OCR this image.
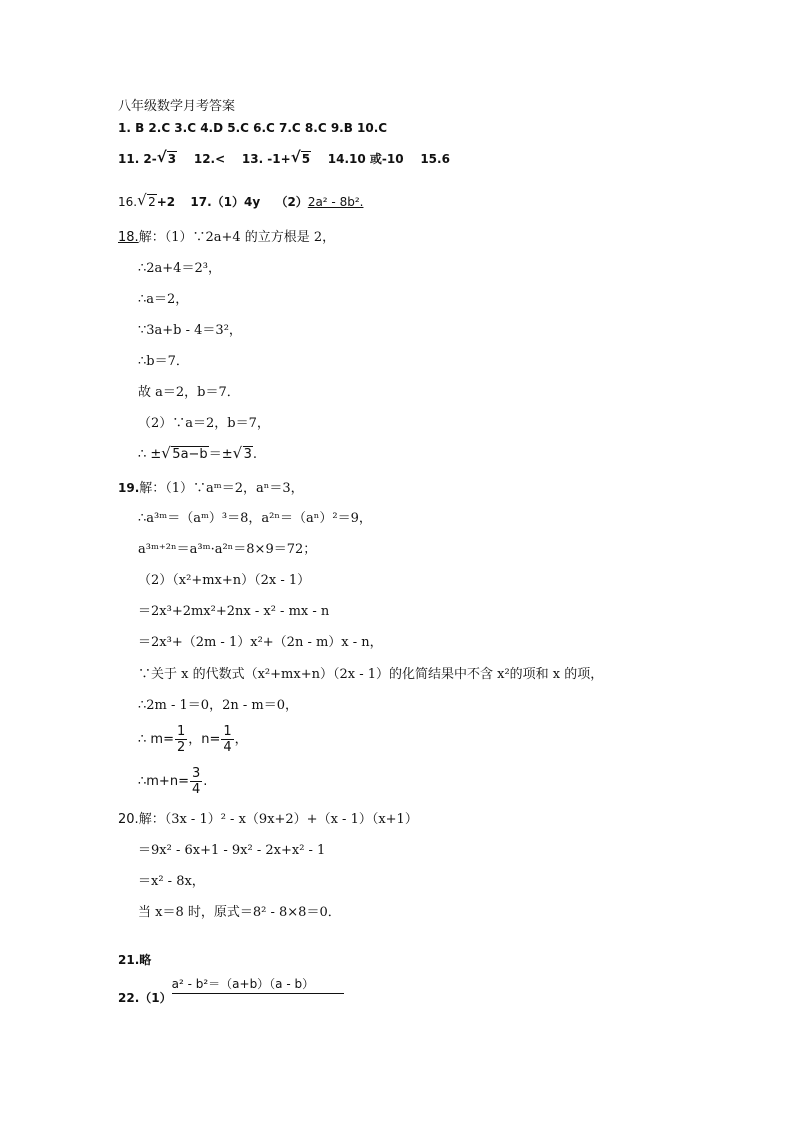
八年级数学月考答案
1. B 2.C 3.C 4.D 5.C 6.C 7.C 8.C 9.B 10.C
11. 2- √ 3 12.< 13. -1+ √ 5 14.10 或-10 15.6
16. √ 2+2 17.（1）4y （2）2a² - 8b².
18.解：（1）∵2a+4 的立方根是 2，
∴2a+4＝2³，
∴a＝2，
∵3a+b - 4＝3²，
∴b＝7．
故 a＝2，b＝7．
（2）∵a＝2，b＝7，
∴ ± √ 5a−b＝± √ 3.
19.解：（1）∵aᵐ＝2，aⁿ＝3，
∴a³ᵐ＝（aᵐ）³＝8，a²ⁿ＝（aⁿ）²＝9，
a³ᵐ⁺²ⁿ＝a³ᵐ·a²ⁿ＝8×9＝72；
（2）（x²+mx+n）（2x - 1）
＝2x³+2mx²+2nx - x² - mx - n
＝2x³+（2m - 1）x²+（2n - m）x - n，
∵关于 x 的代数式（x²+mx+n）（2x - 1）的化简结果中不含 x²的项和 x 的项，
∴2m - 1＝0，2n - m＝0，
∴ $m= \frac{1}{2}$ ，$n= \frac{1}{4}$ ，
∴m+n= $\frac{3}{4}$ .
20.解：（3x - 1）² - x（9x+2）+（x - 1）（x+1）
＝9x² - 6x+1 - 9x² - 2x+x² - 1
＝x² - 8x，
当 x＝8 时，原式＝8² - 8×8＝0．
21.略
22.（1）a² - b²＝（a+b）（a - b）
